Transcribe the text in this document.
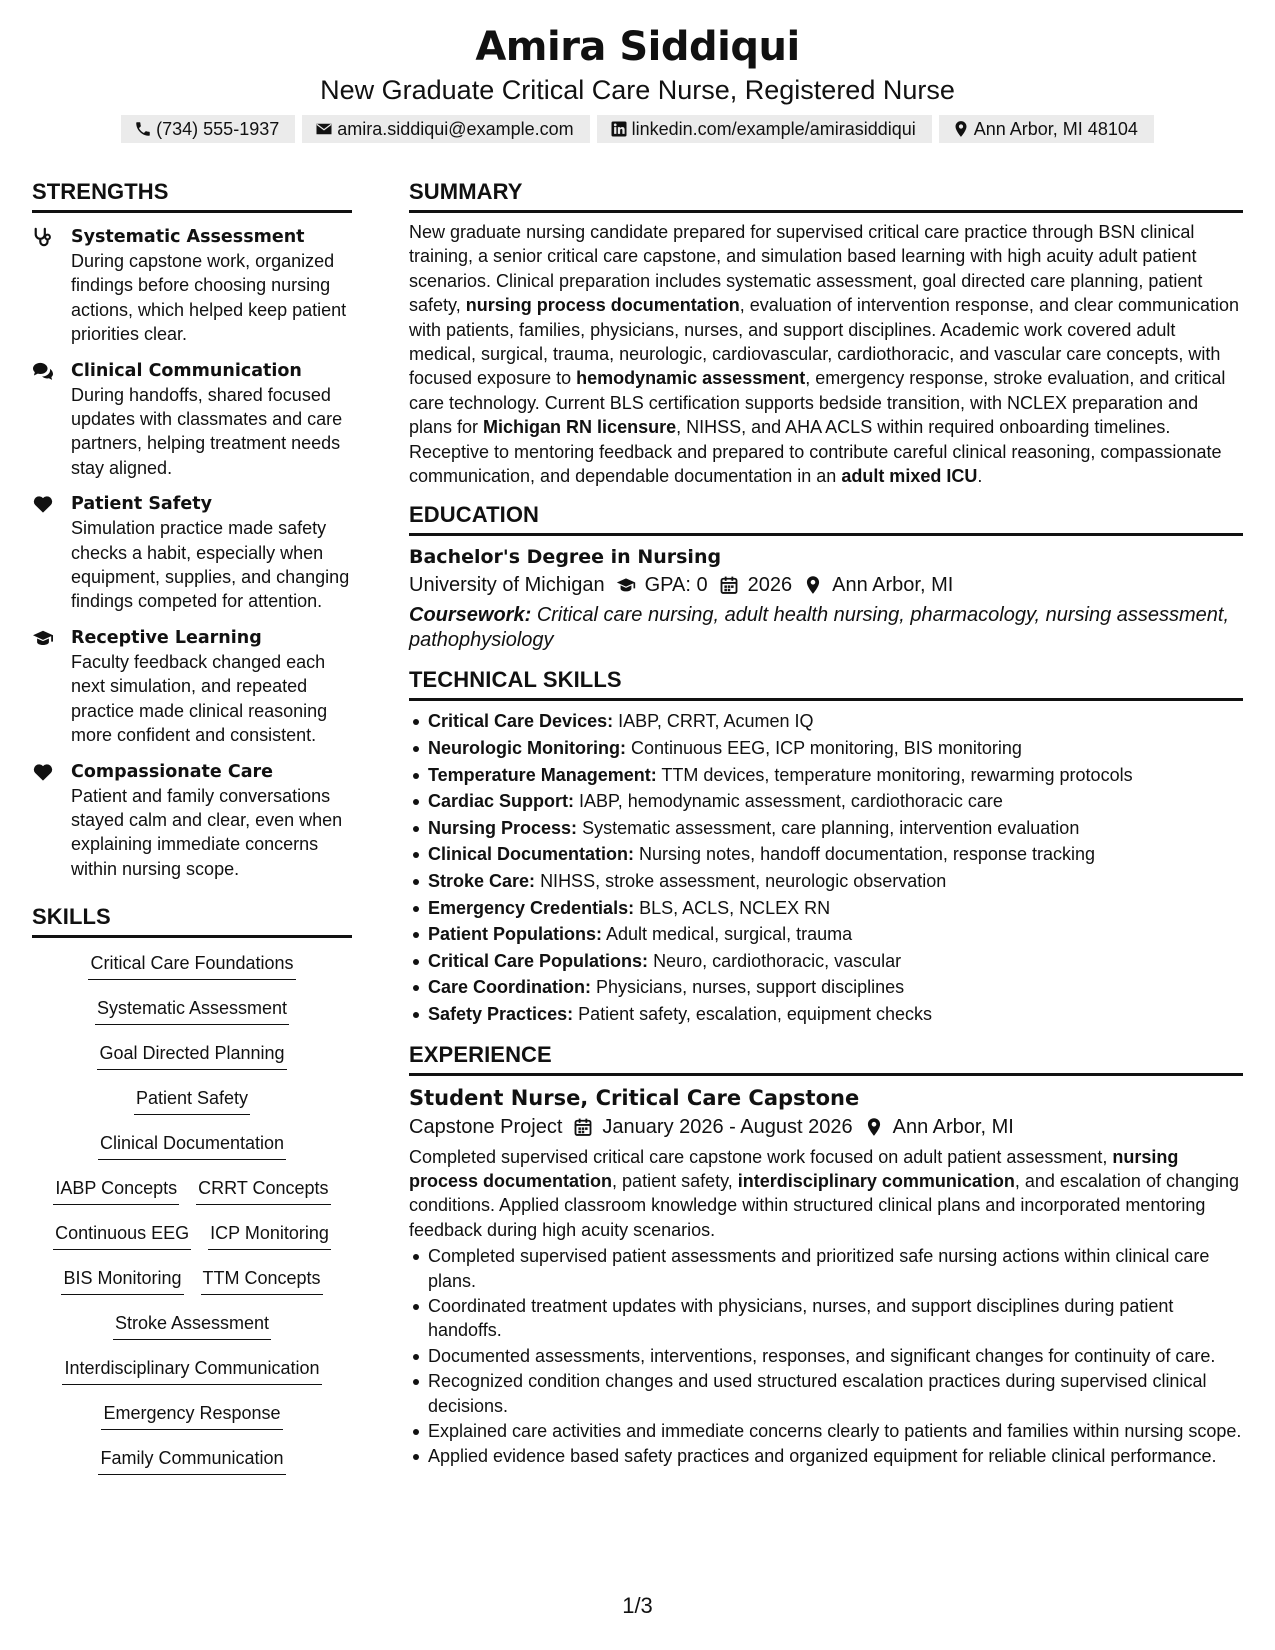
Amira Siddiqui
New Graduate Critical Care Nurse, Registered Nurse
(734) 555-1937	amira.siddiqui@example.com	linkedin.com/example/amirasiddiqui	Ann Arbor, MI 48104
STRENGTHS
Systematic Assessment
During capstone work, organized findings before choosing nursing actions, which helped keep patient priorities clear.
Clinical Communication
During handoffs, shared focused updates with classmates and care partners, helping treatment needs stay aligned.
Patient Safety
Simulation practice made safety checks a habit, especially when equipment, supplies, and changing findings competed for attention.
Receptive Learning
Faculty feedback changed each next simulation, and repeated practice made clinical reasoning more confident and consistent.
Compassionate Care
Patient and family conversations stayed calm and clear, even when explaining immediate concerns within nursing scope.
SKILLS
Critical Care Foundations
Systematic Assessment
Goal Directed Planning
Patient Safety
Clinical Documentation
IABP Concepts CRRT Concepts
Continuous EEG ICP Monitoring
BIS Monitoring TTM Concepts
Stroke Assessment
Interdisciplinary Communication
Emergency Response
Family Communication
SUMMARY
New graduate nursing candidate prepared for supervised critical care practice through BSN clinical training, a senior critical care capstone, and simulation based learning with high acuity adult patient scenarios. Clinical preparation includes systematic assessment, goal directed care planning, patient safety, nursing process documentation, evaluation of intervention response, and clear communication with patients, families, physicians, nurses, and support disciplines. Academic work covered adult medical, surgical, trauma, neurologic, cardiovascular, cardiothoracic, and vascular care concepts, with focused exposure to hemodynamic assessment, emergency response, stroke evaluation, and critical care technology. Current BLS certification supports bedside transition, with NCLEX preparation and plans for Michigan RN licensure, NIHSS, and AHA ACLS within required onboarding timelines. Receptive to mentoring feedback and prepared to contribute careful clinical reasoning, compassionate communication, and dependable documentation in an adult mixed ICU.
EDUCATION
Bachelor's Degree in Nursing
University of Michigan GPA: 0 2026 Ann Arbor, MI
Coursework: Critical care nursing, adult health nursing, pharmacology, nursing assessment, pathophysiology
TECHNICAL SKILLS
Critical Care Devices: IABP, CRRT, Acumen IQ
Neurologic Monitoring: Continuous EEG, ICP monitoring, BIS monitoring
Temperature Management: TTM devices, temperature monitoring, rewarming protocols
Cardiac Support: IABP, hemodynamic assessment, cardiothoracic care
Nursing Process: Systematic assessment, care planning, intervention evaluation
Clinical Documentation: Nursing notes, handoff documentation, response tracking
Stroke Care: NIHSS, stroke assessment, neurologic observation
Emergency Credentials: BLS, ACLS, NCLEX RN
Patient Populations: Adult medical, surgical, trauma
Critical Care Populations: Neuro, cardiothoracic, vascular
Care Coordination: Physicians, nurses, support disciplines
Safety Practices: Patient safety, escalation, equipment checks
EXPERIENCE
Student Nurse, Critical Care Capstone
Capstone Project January 2026 - August 2026 Ann Arbor, MI
Completed supervised critical care capstone work focused on adult patient assessment, nursing process documentation, patient safety, interdisciplinary communication, and escalation of changing conditions. Applied classroom knowledge within structured clinical plans and incorporated mentoring feedback during high acuity scenarios.
Completed supervised patient assessments and prioritized safe nursing actions within clinical care plans.
Coordinated treatment updates with physicians, nurses, and support disciplines during patient handoffs.
Documented assessments, interventions, responses, and significant changes for continuity of care.
Recognized condition changes and used structured escalation practices during supervised clinical decisions.
Explained care activities and immediate concerns clearly to patients and families within nursing scope.
Applied evidence based safety practices and organized equipment for reliable clinical performance.
1/3
